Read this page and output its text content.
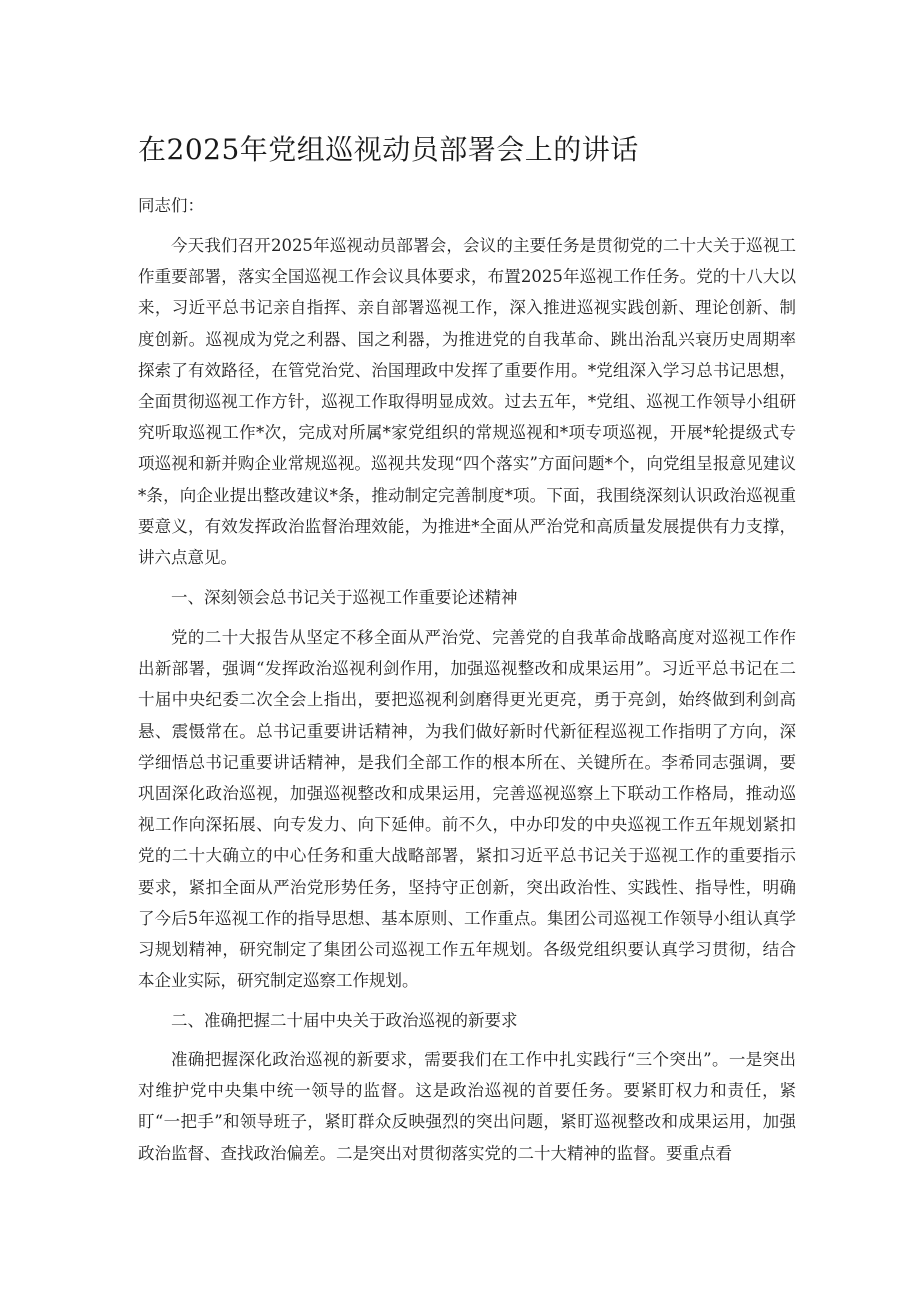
在2025年党组巡视动员部署会上的讲话

同志们：

今天我们召开2025年巡视动员部署会，会议的主要任务是贯彻党的二十大关于巡视工作重要部署，落实全国巡视工作会议具体要求，布置2025年巡视工作任务。党的十八大以来，习近平总书记亲自指挥、亲自部署巡视工作，深入推进巡视实践创新、理论创新、制度创新。巡视成为党之利器、国之利器，为推进党的自我革命、跳出治乱兴衰历史周期率探索了有效路径，在管党治党、治国理政中发挥了重要作用。*党组深入学习总书记思想，全面贯彻巡视工作方针，巡视工作取得明显成效。过去五年，*党组、巡视工作领导小组研究听取巡视工作*次，完成对所属*家党组织的常规巡视和*项专项巡视，开展*轮提级式专项巡视和新并购企业常规巡视。巡视共发现“四个落实”方面问题*个，向党组呈报意见建议*条，向企业提出整改建议*条，推动制定完善制度*项。下面，我围绕深刻认识政治巡视重要意义，有效发挥政治监督治理效能，为推进*全面从严治党和高质量发展提供有力支撑，讲六点意见。

一、深刻领会总书记关于巡视工作重要论述精神

党的二十大报告从坚定不移全面从严治党、完善党的自我革命战略高度对巡视工作作出新部署，强调“发挥政治巡视利剑作用，加强巡视整改和成果运用”。习近平总书记在二十届中央纪委二次全会上指出，要把巡视利剑磨得更光更亮，勇于亮剑，始终做到利剑高悬、震慑常在。总书记重要讲话精神，为我们做好新时代新征程巡视工作指明了方向，深学细悟总书记重要讲话精神，是我们全部工作的根本所在、关键所在。李希同志强调，要巩固深化政治巡视，加强巡视整改和成果运用，完善巡视巡察上下联动工作格局，推动巡视工作向深拓展、向专发力、向下延伸。前不久，中办印发的中央巡视工作五年规划紧扣党的二十大确立的中心任务和重大战略部署，紧扣习近平总书记关于巡视工作的重要指示要求，紧扣全面从严治党形势任务，坚持守正创新，突出政治性、实践性、指导性，明确了今后5年巡视工作的指导思想、基本原则、工作重点。集团公司巡视工作领导小组认真学习规划精神，研究制定了集团公司巡视工作五年规划。各级党组织要认真学习贯彻，结合本企业实际，研究制定巡察工作规划。

二、准确把握二十届中央关于政治巡视的新要求

准确把握深化政治巡视的新要求，需要我们在工作中扎实践行“三个突出”。一是突出对维护党中央集中统一领导的监督。这是政治巡视的首要任务。要紧盯权力和责任，紧盯“一把手”和领导班子，紧盯群众反映强烈的突出问题，紧盯巡视整改和成果运用，加强政治监督、查找政治偏差。二是突出对贯彻落实党的二十大精神的监督。要重点看
